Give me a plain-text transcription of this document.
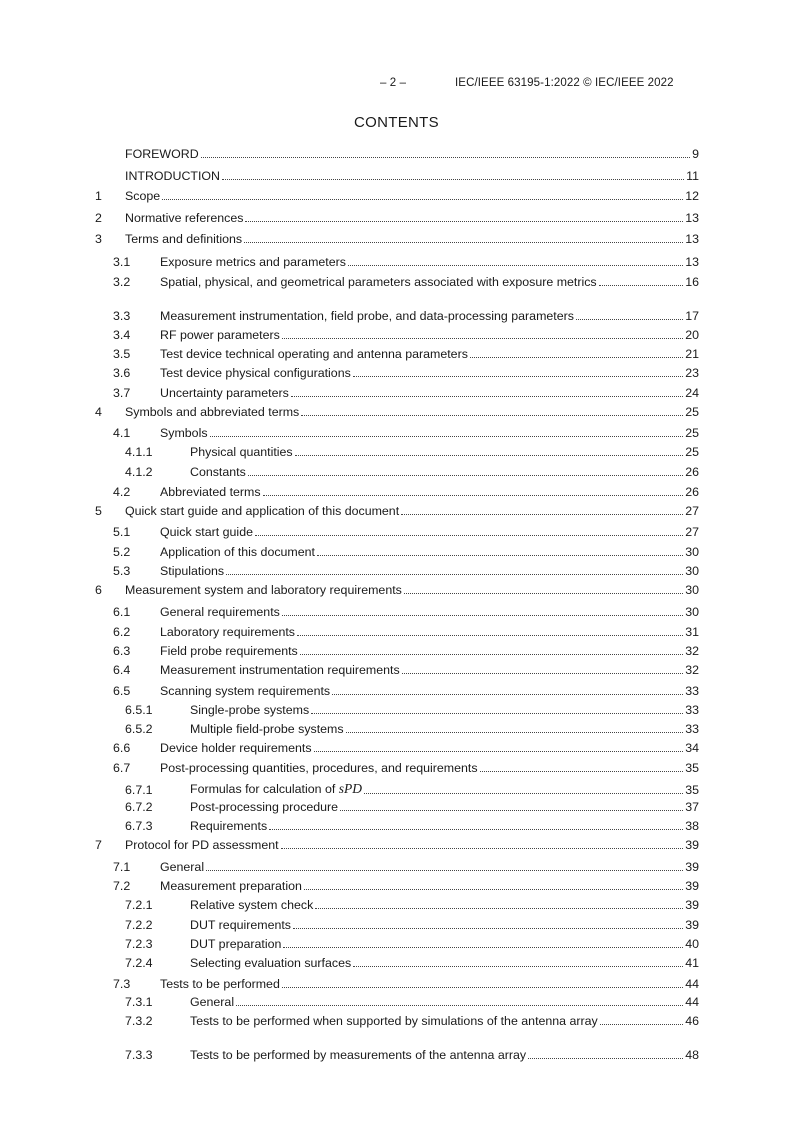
– 2 –	IEC/IEEE 63195-1:2022 © IEC/IEEE 2022
CONTENTS
FOREWORD	9
INTRODUCTION	11
1	Scope	12
2	Normative references	13
3	Terms and definitions	13
3.1	Exposure metrics and parameters	13
3.2	Spatial, physical, and geometrical parameters associated with exposure metrics	16
3.3	Measurement instrumentation, field probe, and data-processing parameters	17
3.4	RF power parameters	20
3.5	Test device technical operating and antenna parameters	21
3.6	Test device physical configurations	23
3.7	Uncertainty parameters	24
4	Symbols and abbreviated terms	25
4.1	Symbols	25
4.1.1	Physical quantities	25
4.1.2	Constants	26
4.2	Abbreviated terms	26
5	Quick start guide and application of this document	27
5.1	Quick start guide	27
5.2	Application of this document	30
5.3	Stipulations	30
6	Measurement system and laboratory requirements	30
6.1	General requirements	30
6.2	Laboratory requirements	31
6.3	Field probe requirements	32
6.4	Measurement instrumentation requirements	32
6.5	Scanning system requirements	33
6.5.1	Single-probe systems	33
6.5.2	Multiple field-probe systems	33
6.6	Device holder requirements	34
6.7	Post-processing quantities, procedures, and requirements	35
6.7.1	Formulas for calculation of sPD	35
6.7.2	Post-processing procedure	37
6.7.3	Requirements	38
7	Protocol for PD assessment	39
7.1	General	39
7.2	Measurement preparation	39
7.2.1	Relative system check	39
7.2.2	DUT requirements	39
7.2.3	DUT preparation	40
7.2.4	Selecting evaluation surfaces	41
7.3	Tests to be performed	44
7.3.1	General	44
7.3.2	Tests to be performed when supported by simulations of the antenna array	46
7.3.3	Tests to be performed by measurements of the antenna array	48
